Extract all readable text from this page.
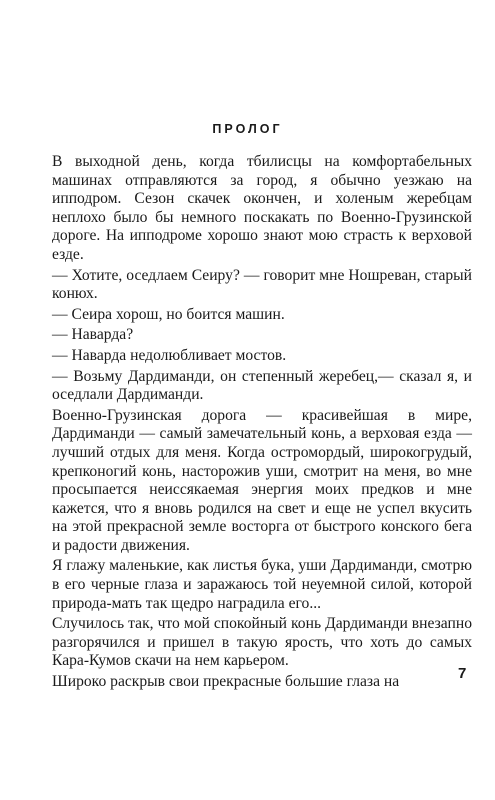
ПРОЛОГ

В выходной день, когда тбилисцы на комфортабельных машинах отправляются за город, я обычно уезжаю на ипподром. Сезон скачек окончен, и холеным жеребцам неплохо было бы немного поскакать по Военно-Грузинской дороге. На ипподроме хорошо знают мою страсть к верховой езде.

— Хотите, оседлаем Сеиру? — говорит мне Ношреван, старый конюх.

— Сеира хорош, но боится машин.

— Наварда?

— Наварда недолюбливает мостов.

— Возьму Дардиманди, он степенный жеребец,— сказал я, и оседлали Дардиманди.

Военно-Грузинская дорога — красивейшая в мире, Дардиманди — самый замечательный конь, а верховая езда — лучший отдых для меня. Когда остромордый, широкогрудый, крепконогий конь, насторожив уши, смотрит на меня, во мне просыпается неиссякаемая энергия моих предков и мне кажется, что я вновь родился на свет и еще не успел вкусить на этой прекрасной земле восторга от быстрого конского бега и радости движения.

Я глажу маленькие, как листья бука, уши Дардиманди, смотрю в его черные глаза и заражаюсь той неуемной силой, которой природа-мать так щедро наградила его...

Случилось так, что мой спокойный конь Дардиманди внезапно разгорячился и пришел в такую ярость, что хоть до самых Кара-Кумов скачи на нем карьером.

Широко раскрыв свои прекрасные большие глаза на	7
